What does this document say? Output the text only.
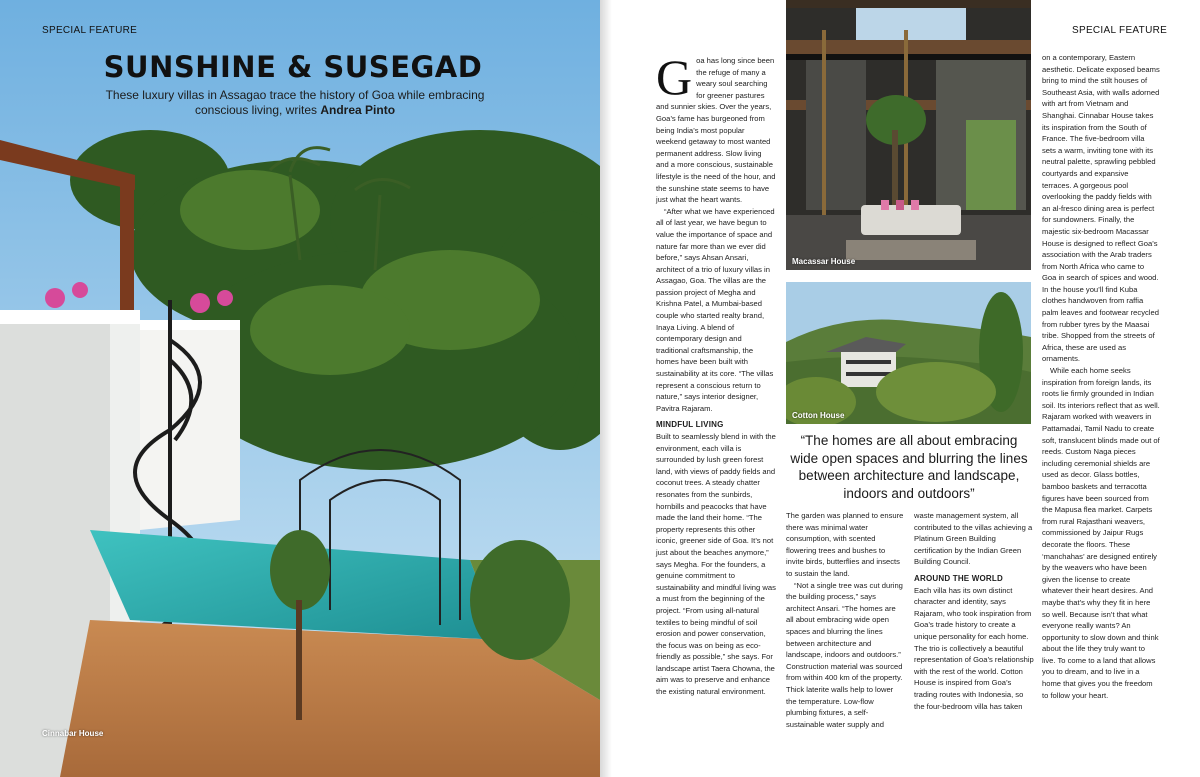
SPECIAL FEATURE
SUNSHINE & SUSEGAD
These luxury villas in Assagao trace the history of Goa while embracing conscious living, writes Andrea Pinto
Cinnabar House
SPECIAL FEATURE

Goa has long since been the refuge of many a weary soul searching for greener pastures and sunnier skies. Over the years, Goa’s fame has burgeoned from being India’s most popular weekend getaway to most wanted permanent address. Slow living and a more conscious, sustainable lifestyle is the need of the hour, and the sunshine state seems to have just what the heart wants.

“After what we have experienced all of last year, we have begun to value the importance of space and nature far more than we ever did before,” says Ahsan Ansari, architect of a trio of luxury villas in Assagao, Goa. The villas are the passion project of Megha and Krishna Patel, a Mumbai-based couple who started realty brand, Inaya Living. A blend of contemporary design and traditional craftsmanship, the homes have been built with sustainability at its core. “The villas represent a conscious return to nature,” says interior designer, Pavitra Rajaram.

MINDFUL LIVING

Built to seamlessly blend in with the environment, each villa is surrounded by lush green forest land, with views of paddy fields and coconut trees. A steady chatter resonates from the sunbirds, hornbills and peacocks that have made the land their home. “The property represents this other iconic, greener side of Goa. It’s not just about the beaches anymore,” says Megha. For the founders, a genuine commitment to sustainability and mindful living was a must from the beginning of the project. “From using all-natural textiles to being mindful of soil erosion and power conservation, the focus was on being as eco-friendly as possible,” she says. For landscape artist Taera Chowna, the aim was to preserve and enhance the existing natural environment.

Macassar House
Cotton House
“The homes are all about embracing wide open spaces and blurring the lines between architecture and landscape, indoors and outdoors”

The garden was planned to ensure there was minimal water consumption, with scented flowering trees and bushes to invite birds, butterflies and insects to sustain the land.

“Not a single tree was cut during the building process,” says architect Ansari. “The homes are all about embracing wide open spaces and blurring the lines between architecture and landscape, indoors and outdoors.” Construction material was sourced from within 400 km of the property. Thick laterite walls help to lower the temperature. Low-flow plumbing fixtures, a self-sustainable water supply and

waste management system, all contributed to the villas achieving a Platinum Green Building certification by the Indian Green Building Council.

AROUND THE WORLD

Each villa has its own distinct character and identity, says Rajaram, who took inspiration from Goa’s trade history to create a unique personality for each home. The trio is collectively a beautiful representation of Goa’s relationship with the rest of the world. Cotton House is inspired from Goa’s trading routes with Indonesia, so the four-bedroom villa has taken

on a contemporary, Eastern aesthetic. Delicate exposed beams bring to mind the stilt houses of Southeast Asia, with walls adorned with art from Vietnam and Shanghai. Cinnabar House takes its inspiration from the South of France. The five-bedroom villa sets a warm, inviting tone with its neutral palette, sprawling pebbled courtyards and expansive terraces. A gorgeous pool overlooking the paddy fields with an al-fresco dining area is perfect for sundowners. Finally, the majestic six-bedroom Macassar House is designed to reflect Goa’s association with the Arab traders from North Africa who came to Goa in search of spices and wood. In the house you’ll find Kuba clothes handwoven from raffia palm leaves and footwear recycled from rubber tyres by the Maasai tribe. Shopped from the streets of Africa, these are used as ornaments.

While each home seeks inspiration from foreign lands, its roots lie firmly grounded in Indian soil. Its interiors reflect that as well. Rajaram worked with weavers in Pattamadai, Tamil Nadu to create soft, translucent blinds made out of reeds. Custom Naga pieces including ceremonial shields are used as decor. Glass bottles, bamboo baskets and terracotta figures have been sourced from the Mapusa flea market. Carpets from rural Rajasthani weavers, commissioned by Jaipur Rugs decorate the floors. These ‘manchahas’ are designed entirely by the weavers who have been given the license to create whatever their heart desires. And maybe that’s why they fit in here so well. Because isn’t that what everyone really wants? An opportunity to slow down and think about the life they truly want to live. To come to a land that allows you to dream, and to live in a home that gives you the freedom to follow your heart.
